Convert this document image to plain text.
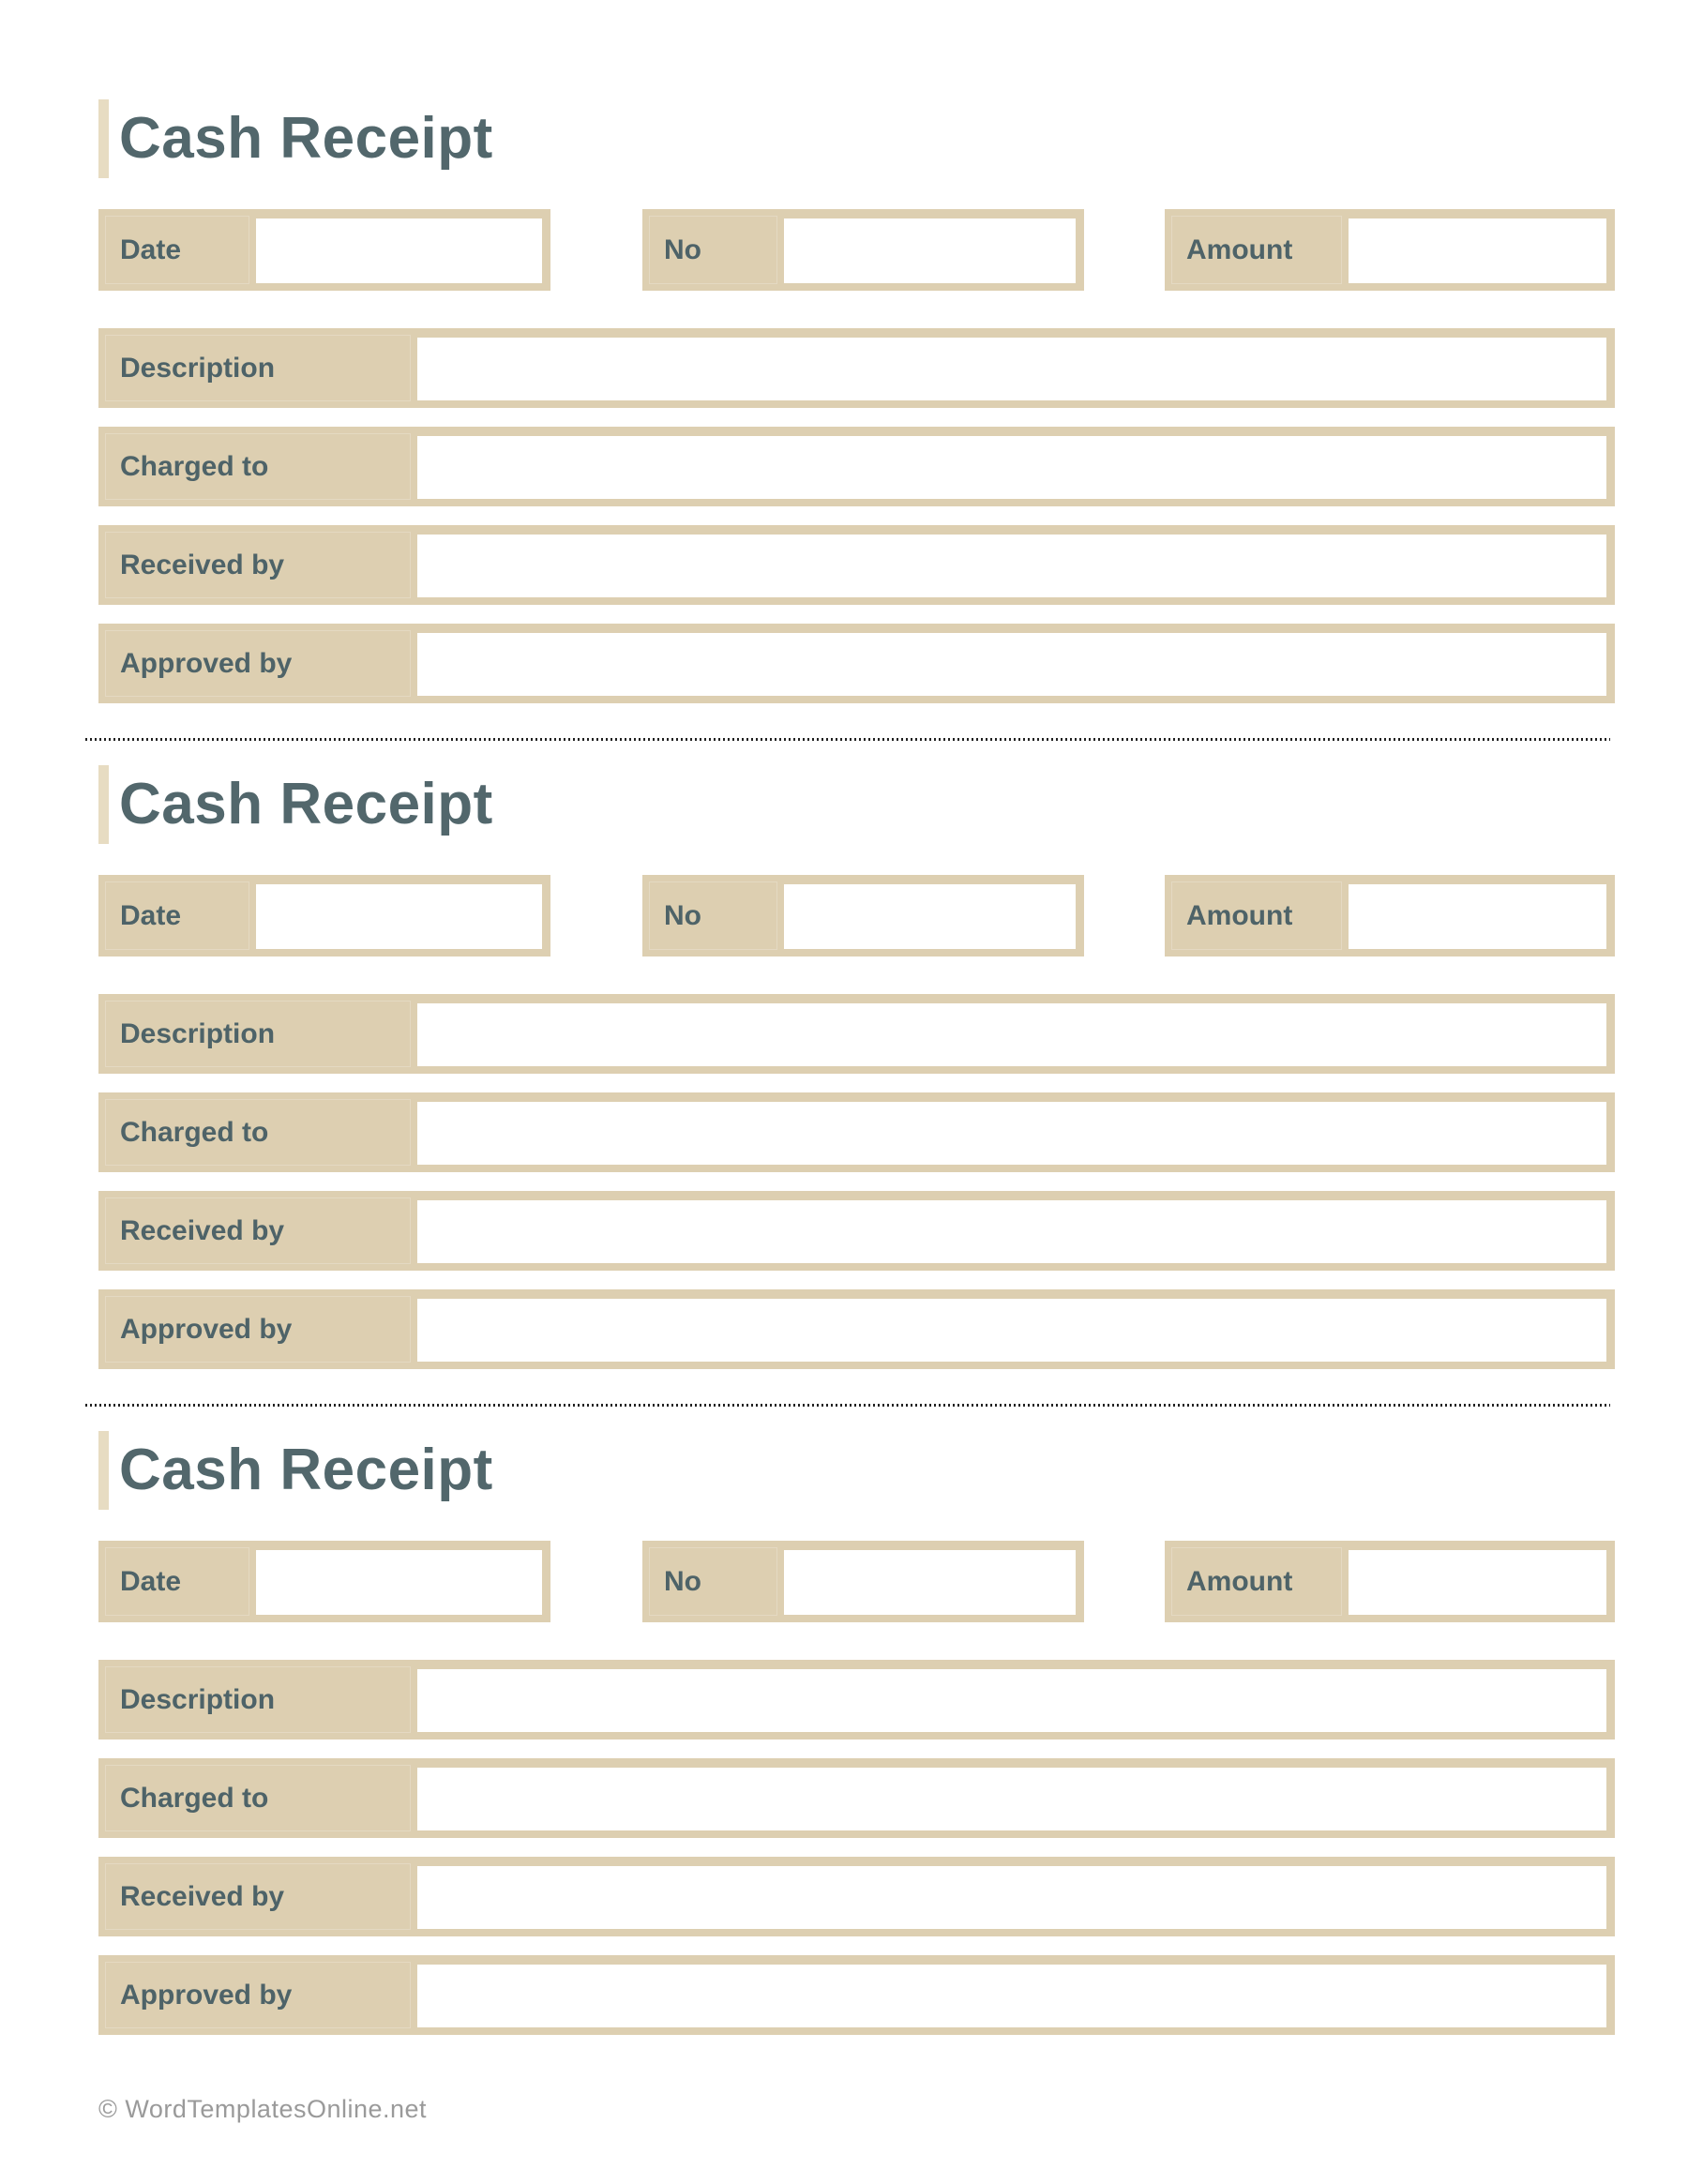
Cash Receipt
Date	No	Amount
Description
Charged to
Received by
Approved by
Cash Receipt
Date	No	Amount
Description
Charged to
Received by
Approved by
Cash Receipt
Date	No	Amount
Description
Charged to
Received by
Approved by
© WordTemplatesOnline.net
